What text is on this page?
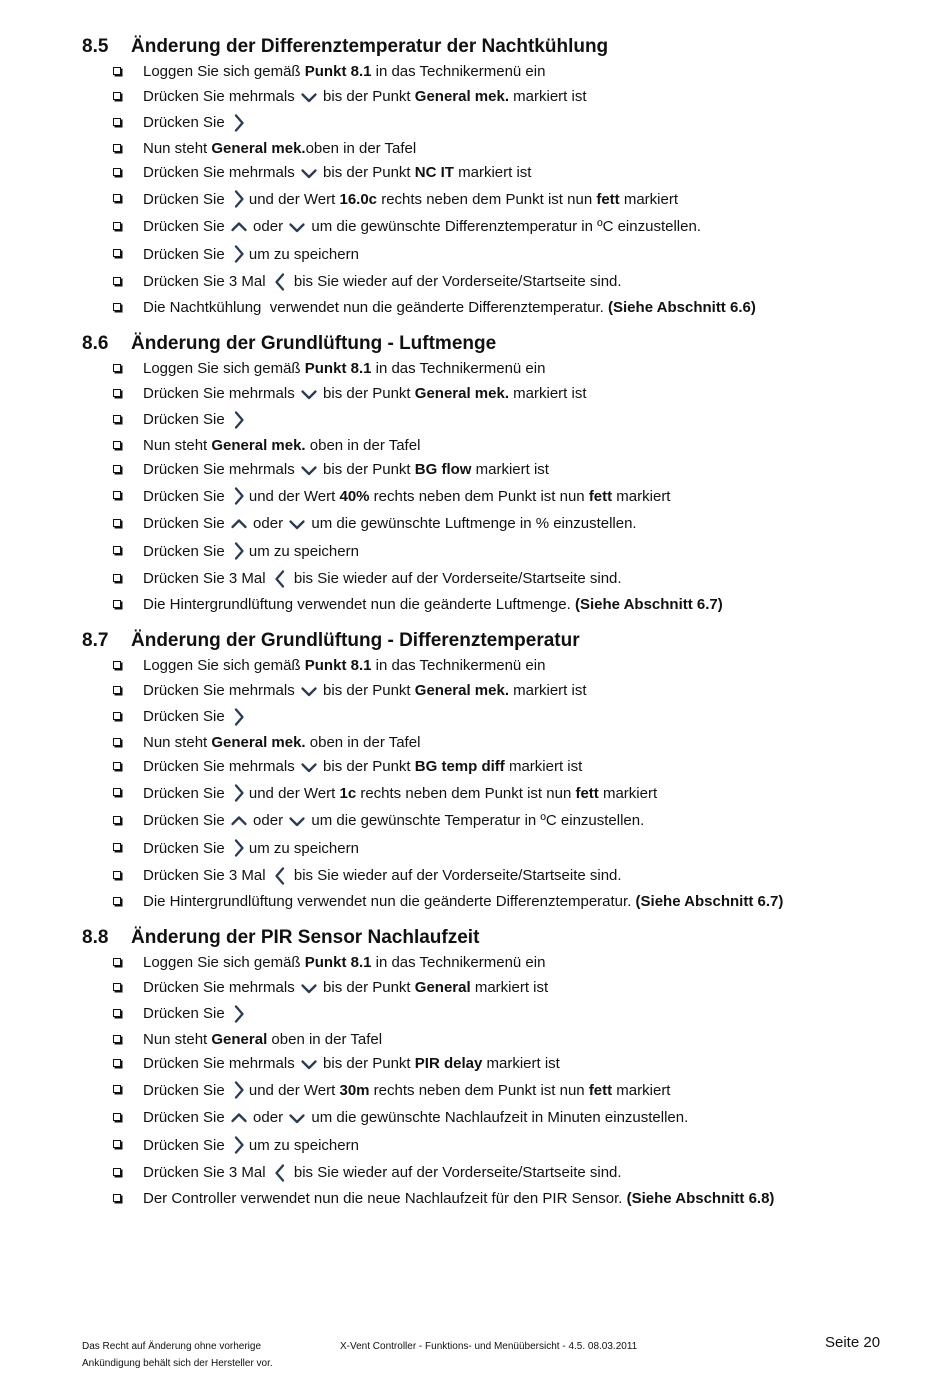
8.5	Änderung der Differenztemperatur der Nachtkühlung
Loggen Sie sich gemäß Punkt 8.1 in das Technikermenü ein
Drücken Sie mehrmals bis der Punkt General mek. markiert ist
Drücken Sie
Nun steht General mek. oben in der Tafel
Drücken Sie mehrmals bis der Punkt NC IT markiert ist
Drücken Sie und der Wert 16.0c rechts neben dem Punkt ist nun fett markiert
Drücken Sie oder um die gewünschte Differenztemperatur in ºC einzustellen.
Drücken Sie um zu speichern
Drücken Sie 3 Mal bis Sie wieder auf der Vorderseite/Startseite sind.
Die Nachtkühlung  verwendet nun die geänderte Differenztemperatur. (Siehe Abschnitt 6.6)
8.6	Änderung der Grundlüftung - Luftmenge
Loggen Sie sich gemäß Punkt 8.1 in das Technikermenü ein
Drücken Sie mehrmals bis der Punkt General mek. markiert ist
Drücken Sie
Nun steht General mek. oben in der Tafel
Drücken Sie mehrmals bis der Punkt BG flow markiert ist
Drücken Sie und der Wert 40% rechts neben dem Punkt ist nun fett markiert
Drücken Sie oder um die gewünschte Luftmenge in % einzustellen.
Drücken Sie um zu speichern
Drücken Sie 3 Mal bis Sie wieder auf der Vorderseite/Startseite sind.
Die Hintergrundlüftung verwendet nun die geänderte Luftmenge. (Siehe Abschnitt 6.7)
8.7	Änderung der Grundlüftung - Differenztemperatur
Loggen Sie sich gemäß Punkt 8.1 in das Technikermenü ein
Drücken Sie mehrmals bis der Punkt General mek. markiert ist
Drücken Sie
Nun steht General mek. oben in der Tafel
Drücken Sie mehrmals bis der Punkt BG temp diff markiert ist
Drücken Sie und der Wert 1c rechts neben dem Punkt ist nun fett markiert
Drücken Sie oder um die gewünschte Temperatur in ºC einzustellen.
Drücken Sie um zu speichern
Drücken Sie 3 Mal bis Sie wieder auf der Vorderseite/Startseite sind.
Die Hintergrundlüftung verwendet nun die geänderte Differenztemperatur. (Siehe Abschnitt 6.7)
8.8	Änderung der PIR Sensor Nachlaufzeit
Loggen Sie sich gemäß Punkt 8.1 in das Technikermenü ein
Drücken Sie mehrmals bis der Punkt General markiert ist
Drücken Sie
Nun steht General oben in der Tafel
Drücken Sie mehrmals bis der Punkt PIR delay markiert ist
Drücken Sie und der Wert 30m rechts neben dem Punkt ist nun fett markiert
Drücken Sie oder um die gewünschte Nachlaufzeit in Minuten einzustellen.
Drücken Sie um zu speichern
Drücken Sie 3 Mal bis Sie wieder auf der Vorderseite/Startseite sind.
Der Controller verwendet nun die neue Nachlaufzeit für den PIR Sensor. (Siehe Abschnitt 6.8)
Das Recht auf Änderung ohne vorherige
Ankündigung behält sich der Hersteller vor.
X-Vent Controller - Funktions- und Menüübersicht - 4.5. 08.03.2011	Seite 20
